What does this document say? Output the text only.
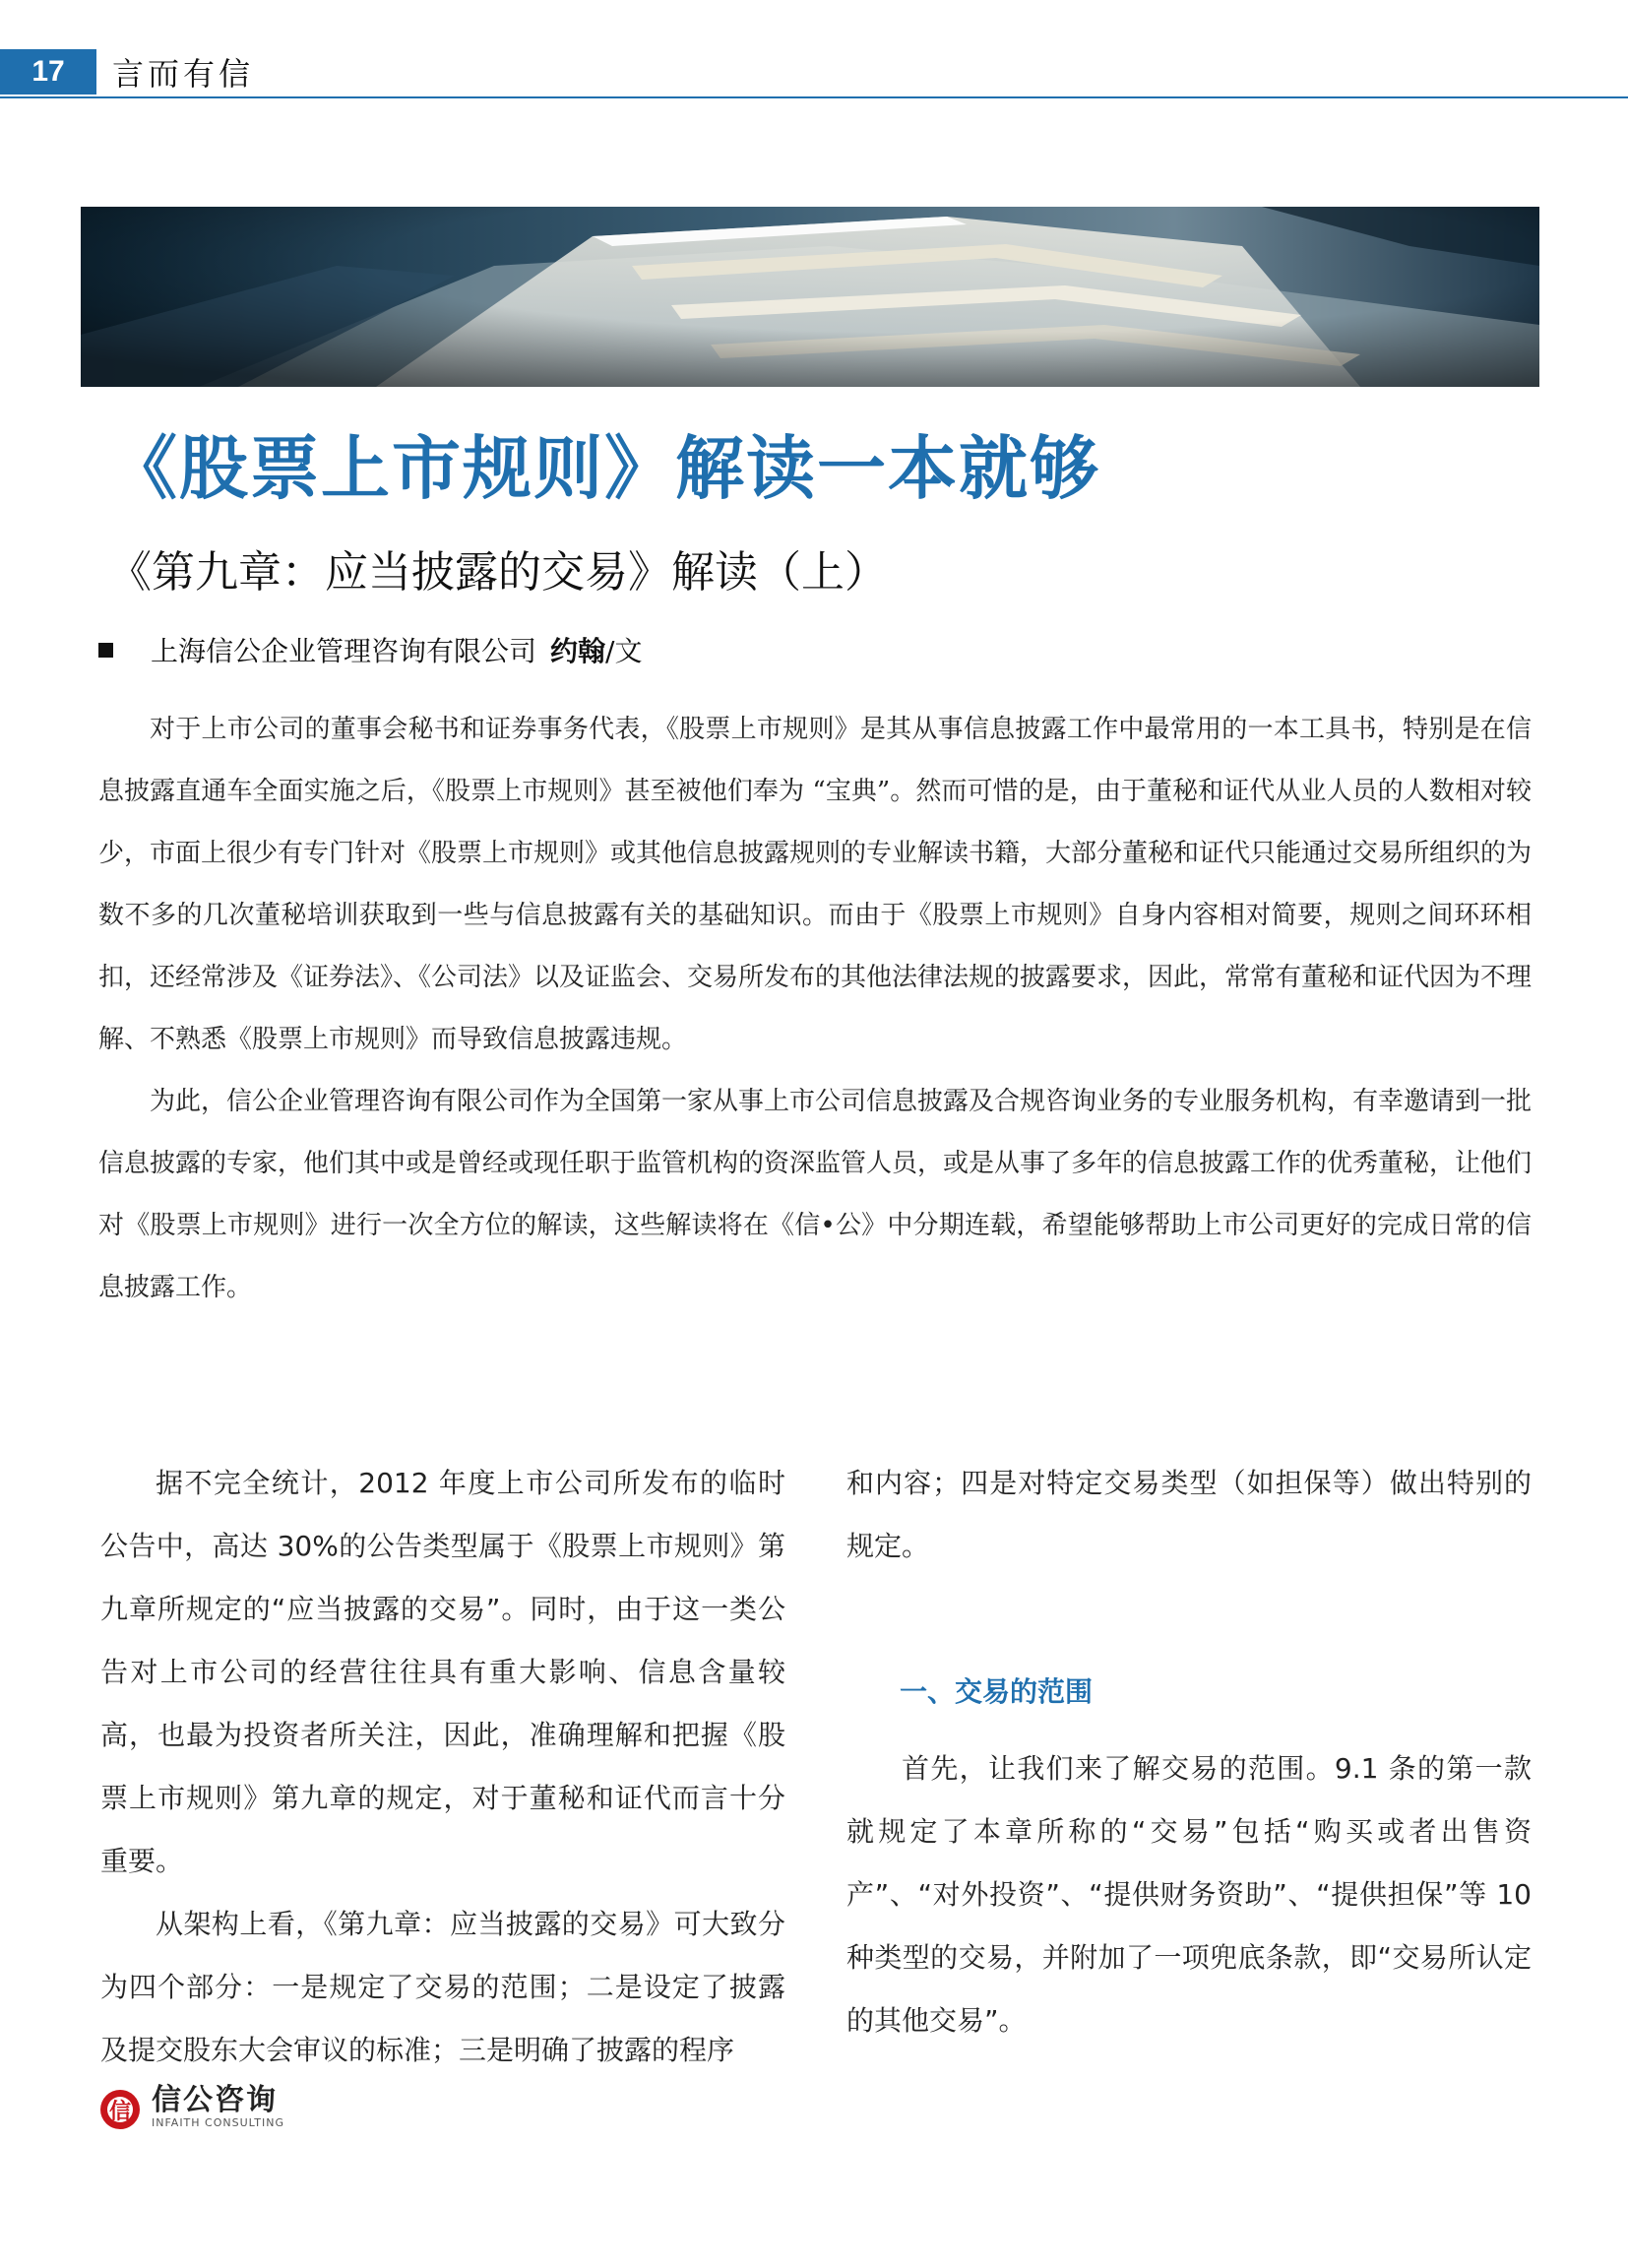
17	言而有信
《股票上市规则》解读一本就够
《第九章：应当披露的交易》解读（上）
上海信公企业管理咨询有限公司 约翰 /文

对于上市公司的董事会秘书和证券事务代表，《股票上市规则》是其从事信息披露工作中最常用的一本工具书，特别是在信息披露直通车全面实施之后，《股票上市规则》甚至被他们奉为 “宝典”。然而可惜的是，由于董秘和证代从业人员的人数相对较少，市面上很少有专门针对《股票上市规则》或其他信息披露规则的专业解读书籍，大部分董秘和证代只能通过交易所组织的为数不多的几次董秘培训获取到一些与信息披露有关的基础知识。而由于《股票上市规则》自身内容相对简要，规则之间环环相扣，还经常涉及《证券法》、《公司法》以及证监会、交易所发布的其他法律法规的披露要求，因此，常常有董秘和证代因为不理解、不熟悉《股票上市规则》而导致信息披露违规。

为此，信公企业管理咨询有限公司作为全国第一家从事上市公司信息披露及合规咨询业务的专业服务机构，有幸邀请到一批信息披露的专家，他们其中或是曾经或现任职于监管机构的资深监管人员，或是从事了多年的信息披露工作的优秀董秘，让他们对《股票上市规则》进行一次全方位的解读，这些解读将在《信•公》中分期连载，希望能够帮助上市公司更好的完成日常的信息披露工作。

据不完全统计，2012 年度上市公司所发布的临时公告中，高达 30%的公告类型属于《股票上市规则》第九章所规定的“应当披露的交易”。同时，由于这一类公告对上市公司的经营往往具有重大影响、信息含量较高，也最为投资者所关注，因此，准确理解和把握《股票上市规则》第九章的规定，对于董秘和证代而言十分重要。

从架构上看，《第九章：应当披露的交易》可大致分为四个部分：一是规定了交易的范围；二是设定了披露及提交股东大会审议的标准；三是明确了披露的程序

和内容；四是对特定交易类型（如担保等）做出特别的规定。

一、交易的范围

首先，让我们来了解交易的范围。9.1 条的第一款就规定了本章所称的“交易”包括“购买或者出售资产”、“对外投资”、“提供财务资助”、“提供担保”等 10 种类型的交易，并附加了一项兜底条款，即“交易所认定的其他交易”。

信 信公咨询
INFAITH CONSULTING
